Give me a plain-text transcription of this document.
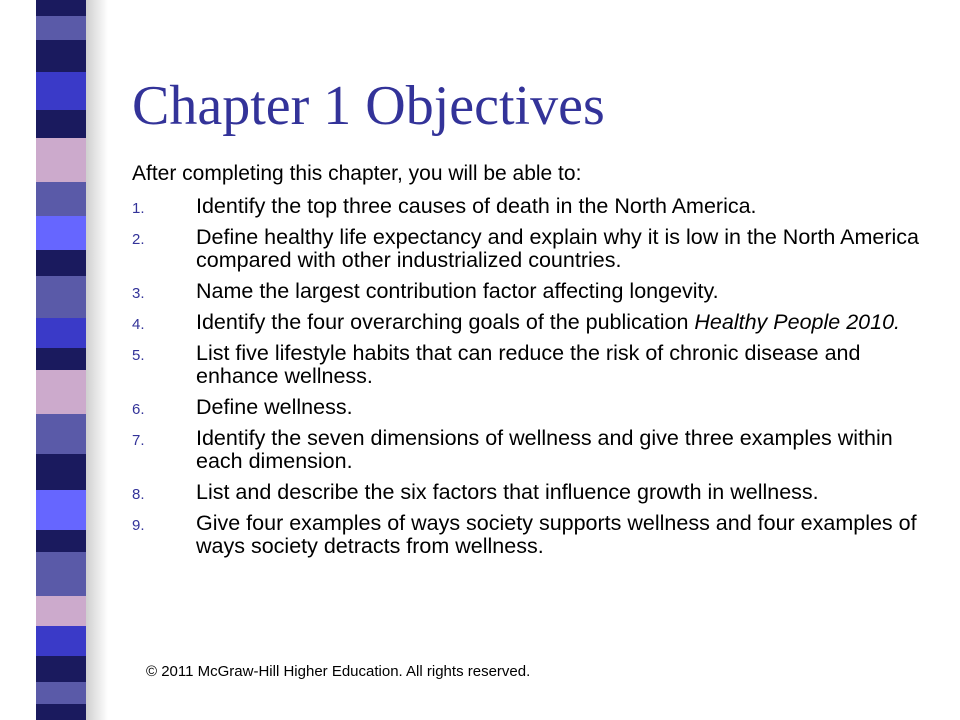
Chapter 1 Objectives
After completing this chapter, you will be able to:
1. Identify the top three causes of death in the North America.
2. Define healthy life expectancy and explain why it is low in the North America compared with other industrialized countries.
3. Name the largest contribution factor affecting longevity.
4. Identify the four overarching goals of the publication Healthy People 2010.
5. List five lifestyle habits that can reduce the risk of chronic disease and enhance wellness.
6. Define wellness.
7. Identify the seven dimensions of wellness and give three examples within each dimension.
8. List and describe the six factors that influence growth in wellness.
9. Give four examples of ways society supports wellness and four examples of ways society detracts from wellness.
© 2011 McGraw-Hill Higher Education. All rights reserved.
